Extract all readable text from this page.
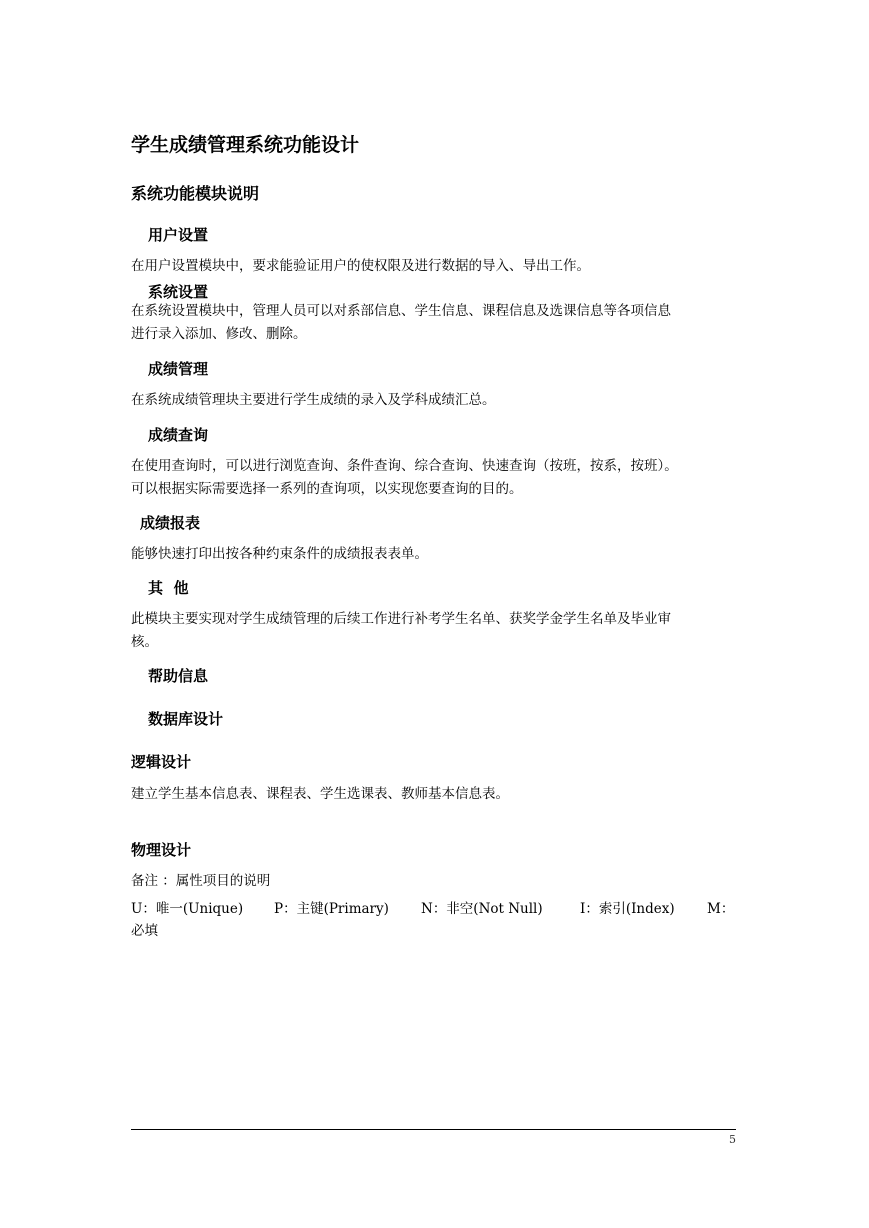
学生成绩管理系统功能设计
系统功能模块说明
用户设置
在用户设置模块中，要求能验证用户的使权限及进行数据的导入、导出工作。
系统设置
在系统设置模块中，管理人员可以对系部信息、学生信息、课程信息及选课信息等各项信息
进行录入添加、修改、删除。
成绩管理
在系统成绩管理块主要进行学生成绩的录入及学科成绩汇总。
成绩查询
在使用查询时，可以进行浏览查询、条件查询、综合查询、快速查询（按班，按系，按班）。
可以根据实际需要选择一系列的查询项，以实现您要查询的目的。
成绩报表
能够快速打印出按各种约束条件的成绩报表表单。
其  他
此模块主要实现对学生成绩管理的后续工作进行补考学生名单、获奖学金学生名单及毕业审
核。
帮助信息
数据库设计
逻辑设计
建立学生基本信息表、课程表、学生选课表、教师基本信息表。
物理设计
备注 ：属性项目的说明
U：唯一(Unique) P：主键(Primary) N：非空(Not Null)	I：索引(Index) M：
必填
5
